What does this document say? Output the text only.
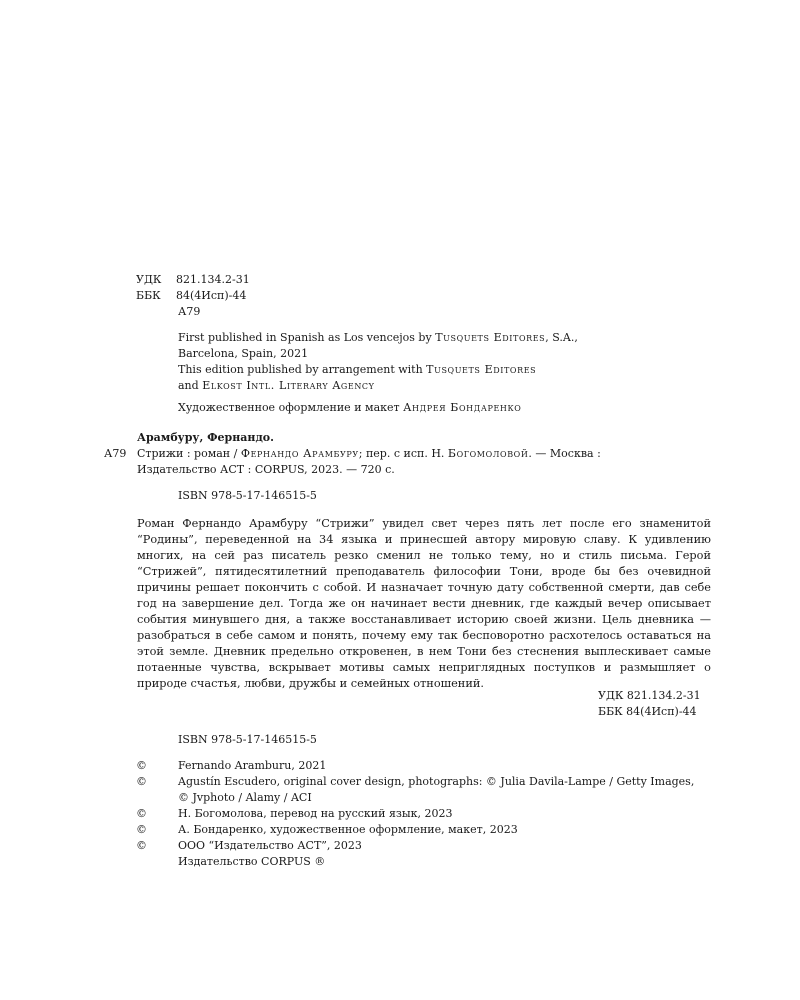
УДК 821.134.2-31
ББК 84(4Исп)-44
А79
First published in Spanish as Los vencejos by Tusquets Editores, S.A.,
Barcelona, Spain, 2021
This edition published by arrangement with Tusquets Editores
and Elkost Intl. Literary Agency
Художественное оформление и макет Андрея Бондаренко
Арамбуру, Фернандо.
А79 Стрижи : роман / Фернандо Арамбуру; пер. с исп. Н. Богомоловой. — Москва :
Издательство АСТ : CORPUS, 2023. — 720 с.
ISBN 978-5-17-146515-5
Роман Фернандо Арамбуру “Стрижи” увидел свет через пять лет после его знаменитой “Родины”, переведенной на 34 языка и принесшей автору мировую славу. К удивлению многих, на сей раз писатель резко сменил не только тему, но и стиль письма. Герой “Стрижей”, пятидесятилетний преподаватель философии Тони, вроде бы без очевидной причины решает покончить с собой. И назначает точную дату собственной смерти, дав себе год на завершение дел. Тогда же он начинает вести дневник, где каждый вечер описывает события минувшего дня, а также восстанавливает историю своей жизни. Цель дневника — разобраться в себе самом и понять, почему ему так бесповоротно расхотелось оставаться на этой земле. Дневник предельно откровенен, в нем Тони без стеснения выплескивает самые потаенные чувства, вскрывает мотивы самых неприглядных поступков и размышляет о природе счастья, любви, дружбы и семейных отношений.
УДК 821.134.2-31
ББК 84(4Исп)-44
ISBN 978-5-17-146515-5
©	Fernando Aramburu, 2021
©	Agustín Escudero, original cover design, photographs: © Julia Davila-Lampe / Getty Images,
© Jvphoto / Alamy / ACI
©	Н. Богомолова, перевод на русский язык, 2023
©	А. Бондаренко, художественное оформление, макет, 2023
©	ООО “Издательство АСТ”, 2023
Издательство CORPUS ®
